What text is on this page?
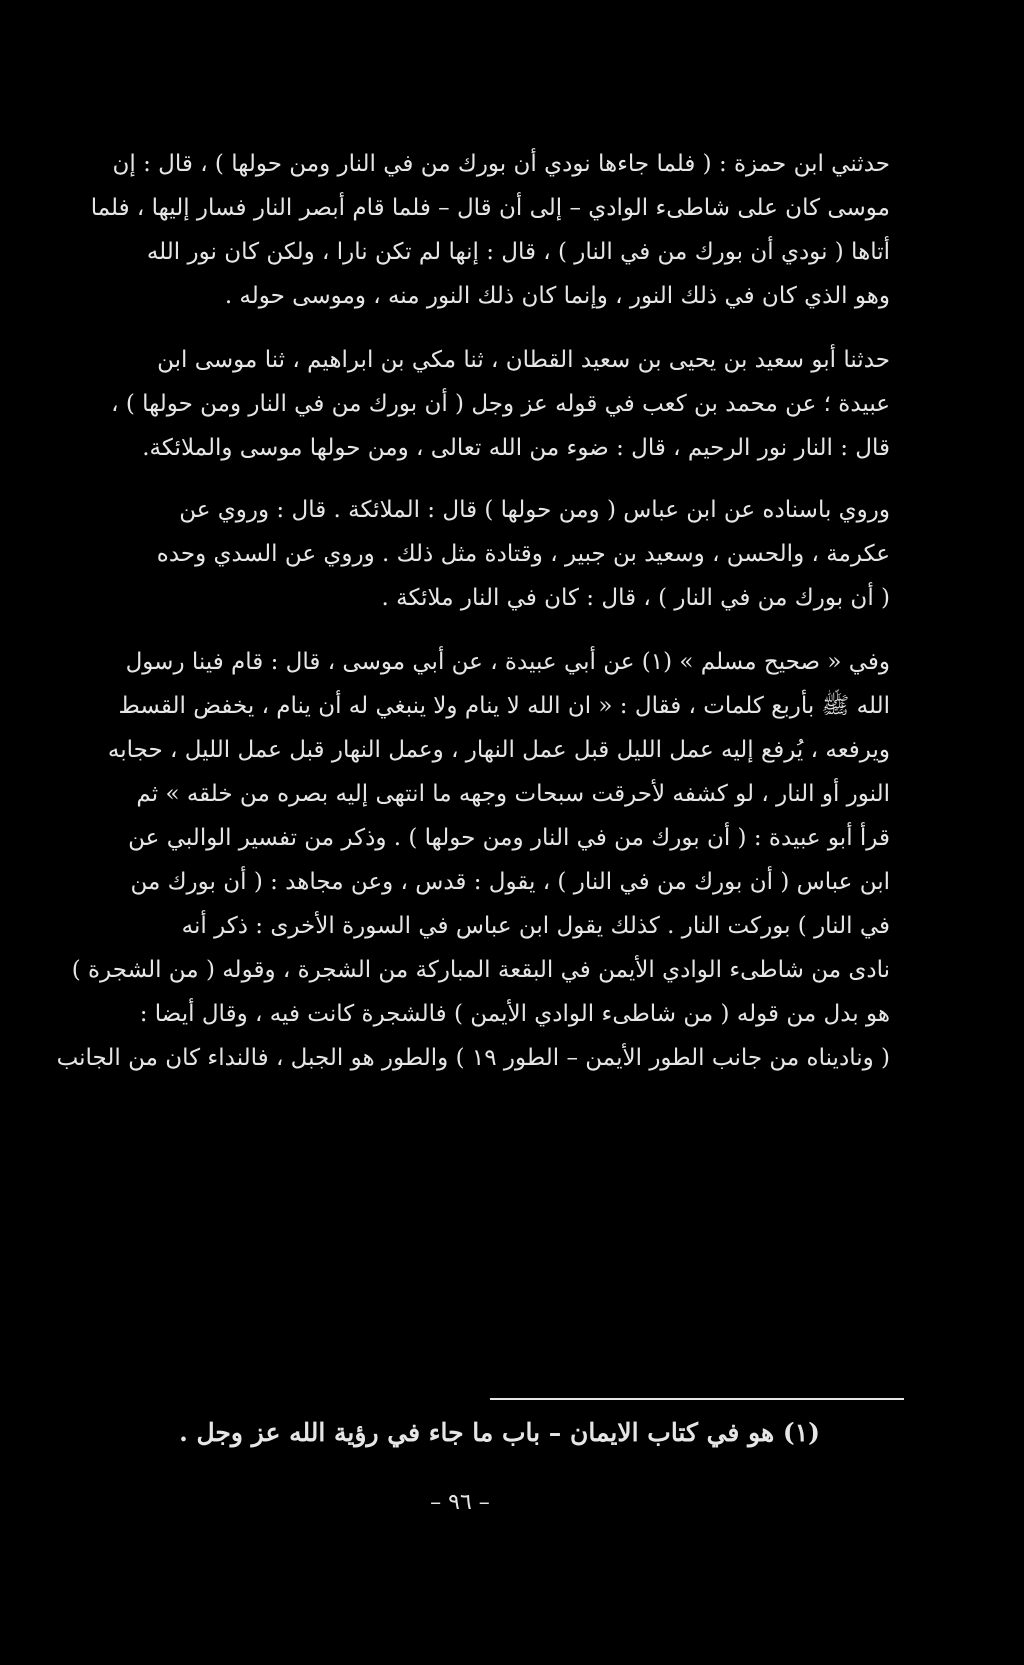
حدثني ابن حمزة : ( فلما جاءها نودي أن بورك من في النار ومن حولها ) ، قال : إن
موسى كان على شاطىء الوادي – إلى أن قال – فلما قام أبصر النار فسار إليها ، فلما
أتاها ( نودي أن بورك من في النار ) ، قال : إنها لم تكن نارا ، ولكن كان نور الله
وهو الذي كان في ذلك النور ، وإنما كان ذلك النور منه ، وموسى حوله .
حدثنا أبو سعيد بن يحيى بن سعيد القطان ، ثنا مكي بن ابراهيم ، ثنا موسى ابن
عبيدة ؛ عن محمد بن كعب في قوله عز وجل ( أن بورك من في النار ومن حولها ) ،
قال : النار نور الرحيم ، قال : ضوء من الله تعالى ، ومن حولها موسى والملائكة.
وروي باسناده عن ابن عباس ( ومن حولها ) قال : الملائكة . قال : وروي عن
عكرمة ، والحسن ، وسعيد بن جبير ، وقتادة مثل ذلك . وروي عن السدي وحده
( أن بورك من في النار ) ، قال : كان في النار ملائكة .
وفي « صحيح مسلم » (١) عن أبي عبيدة ، عن أبي موسى ، قال : قام فينا رسول
الله ﷺ بأربع كلمات ، فقال : « ان الله لا ينام ولا ينبغي له أن ينام ، يخفض القسط
ويرفعه ، يُرفع إليه عمل الليل قبل عمل النهار ، وعمل النهار قبل عمل الليل ، حجابه
النور أو النار ، لو كشفه لأحرقت سبحات وجهه ما انتهى إليه بصره من خلقه » ثم
قرأ أبو عبيدة : ( أن بورك من في النار ومن حولها ) . وذكر من تفسير الوالبي عن
ابن عباس ( أن بورك من في النار ) ، يقول : قدس ، وعن مجاهد : ( أن بورك من
في النار ) بوركت النار . كذلك يقول ابن عباس في السورة الأخرى : ذكر أنه
نادى من شاطىء الوادي الأيمن في البقعة المباركة من الشجرة ، وقوله ( من الشجرة )
هو بدل من قوله ( من شاطىء الوادي الأيمن ) فالشجرة كانت فيه ، وقال أيضا :
( وناديناه من جانب الطور الأيمن – الطور ١٩ ) والطور هو الجبل ، فالنداء كان من الجانب
(١) هو في كتاب الايمان – باب ما جاء في رؤية الله عز وجل .
– ٩٦ –
